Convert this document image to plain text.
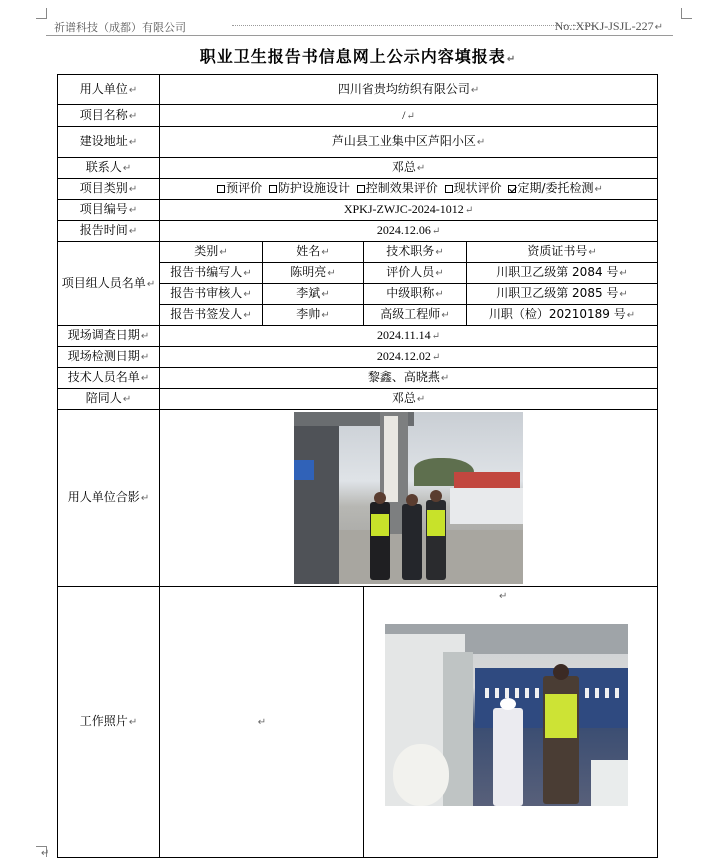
祈谱科技（成都）有限公司	No.:XPKJ-JSJL-227↵
职业卫生报告书信息网上公示内容填报表↵
用人单位↵	四川省贵均纺织有限公司↵			
项目名称↵	/↵			
建设地址↵	芦山县工业集中区芦阳小区↵			
联系人↵	邓总↵			
项目类别↵	预评价 防护设施设计 控制效果评价 现状评价 定期/委托检测↵			
项目编号↵	XPKJ-ZWJC-2024-1012↵			
报告时间↵	2024.12.06↵			
项目组人员名单↵	类别↵	姓名↵	技术职务↵	资质证书号↵
	报告书编写人↵	陈明亮↵	评价人员↵	川职卫乙级第 2084 号↵
	报告书审核人↵	李斌↵	中级职称↵	川职卫乙级第 2085 号↵
	报告书签发人↵	李帅↵	高级工程师↵	川职（检）20210189 号↵
现场调查日期↵	2024.11.14↵			
现场检测日期↵	2024.12.02↵			
技术人员名单↵	黎鑫、高晓燕↵			
陪同人↵	邓总↵			
用人单位合影↵				

工作照片↵	↵		↵	
↵
